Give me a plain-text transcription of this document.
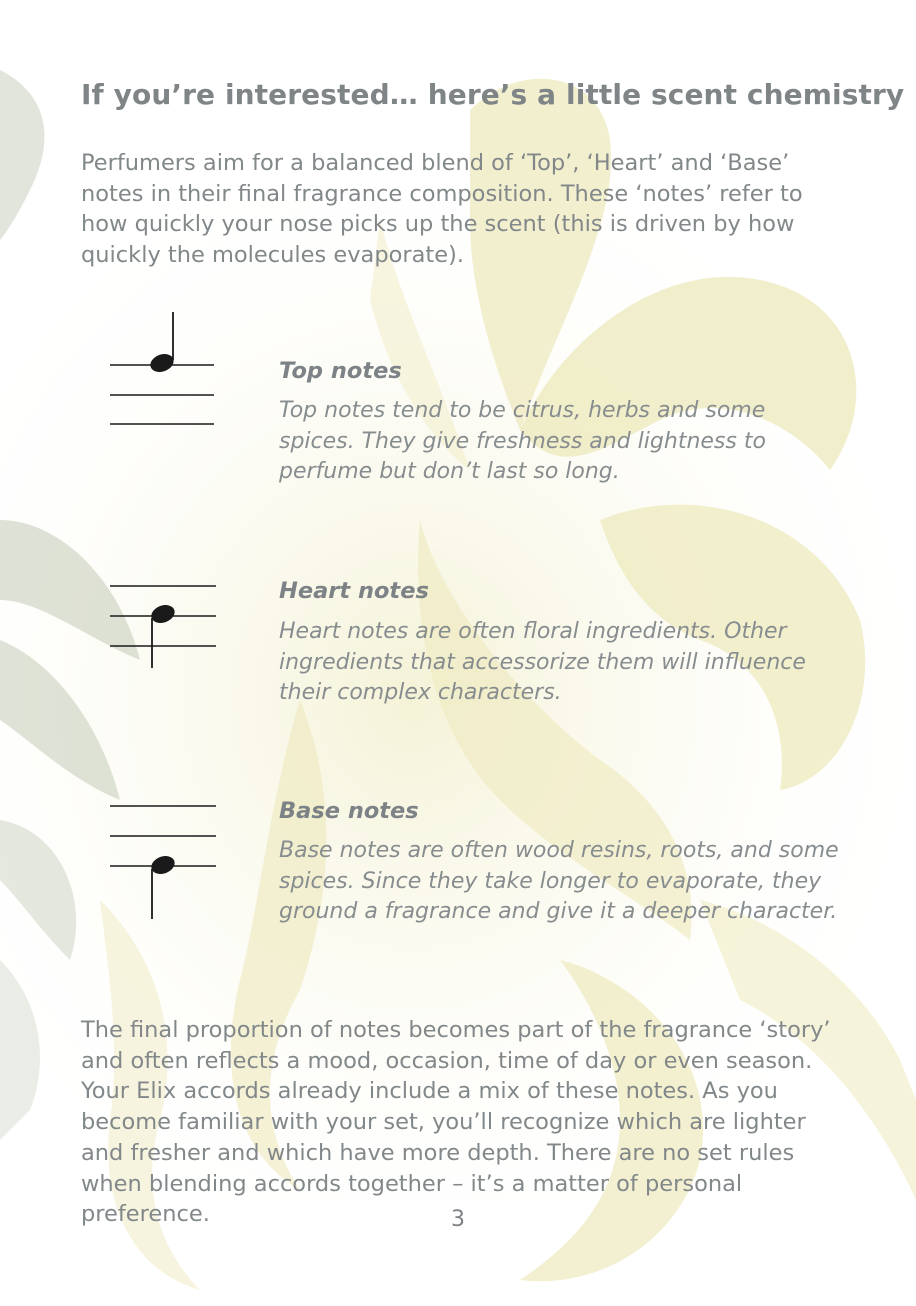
If you’re interested… here’s a little scent chemistry

Perfumers aim for a balanced blend of ‘Top’, ‘Heart’ and ‘Base’ notes in their final fragrance composition. These ‘notes’ refer to how quickly your nose picks up the scent (this is driven by how quickly the molecules evaporate).

Top notes

Top notes tend to be citrus, herbs and some spices. They give freshness and lightness to perfume but don’t last so long.

Heart notes

Heart notes are often floral ingredients. Other ingredients that accessorize them will influence their complex characters.

Base notes

Base notes are often wood resins, roots, and some spices. Since they take longer to evaporate, they ground a fragrance and give it a deeper character.

The final proportion of notes becomes part of the fragrance ‘story’ and often reflects a mood, occasion, time of day or even season. Your Elix accords already include a mix of these notes. As you become familiar with your set, you’ll recognize which are lighter and fresher and which have more depth. There are no set rules when blending accords together – it’s a matter of personal preference.	3
